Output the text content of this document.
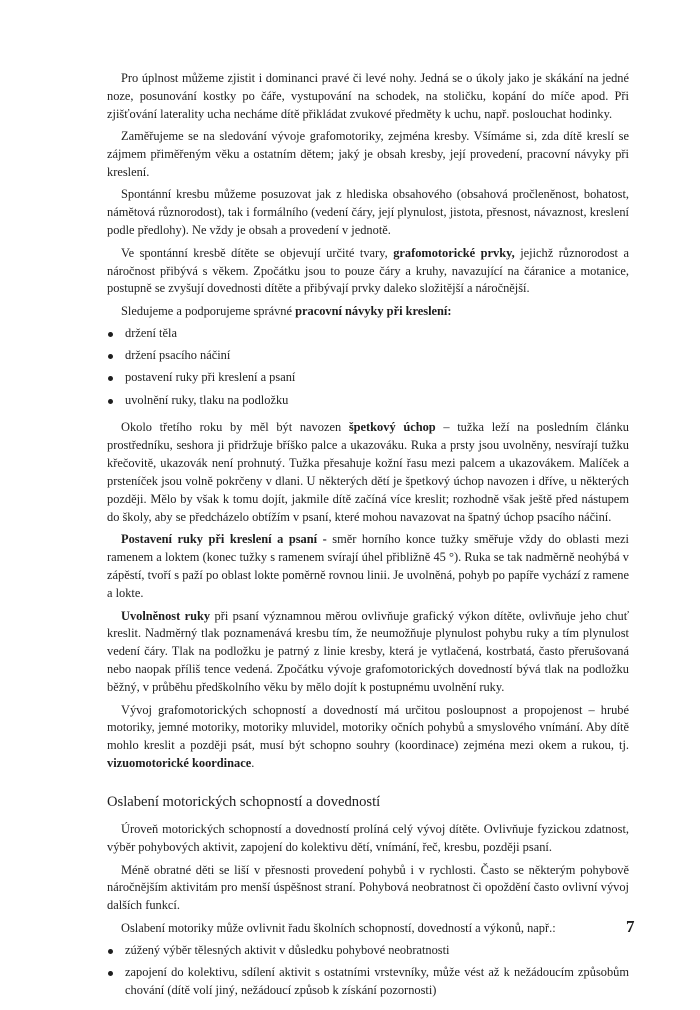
Pro úplnost můžeme zjistit i dominanci pravé či levé nohy. Jedná se o úkoly jako je skákání na jedné noze, posunování kostky po čáře, vystupování na schodek, na stoličku, kopání do míče apod. Při zjišťování laterality ucha necháme dítě přikládat zvukové předměty k uchu, např. poslouchat hodinky.

Zaměřujeme se na sledování vývoje grafomotoriky, zejména kresby. Všímáme si, zda dítě kreslí se zájmem přiměřeným věku a ostatním dětem; jaký je obsah kresby, její provedení, pracovní návyky při kreslení.

Spontánní kresbu můžeme posuzovat jak z hlediska obsahového (obsahová pročleněnost, bohatost, námětová různorodost), tak i formálního (vedení čáry, její plynulost, jistota, přesnost, návaznost, kreslení podle předlohy). Ne vždy je obsah a provedení v jednotě.

Ve spontánní kresbě dítěte se objevují určité tvary, grafomotorické prvky, jejichž různorodost a náročnost přibývá s věkem. Zpočátku jsou to pouze čáry a kruhy, navazující na čáranice a motanice, postupně se zvyšují dovednosti dítěte a přibývají prvky daleko složitější a náročnější.

Sledujeme a podporujeme správné pracovní návyky při kreslení:

držení těla
držení psacího náčiní
postavení ruky při kreslení a psaní
uvolnění ruky, tlaku na podložku

Okolo třetího roku by měl být navozen špetkový úchop – tužka leží na posledním článku prostředníku, seshora ji přidržuje bříško palce a ukazováku. Ruka a prsty jsou uvolněny, nesvírají tužku křečovitě, ukazovák není prohnutý. Tužka přesahuje kožní řasu mezi palcem a ukazovákem. Malíček a prsteníček jsou volně pokrčeny v dlani. U některých dětí je špetkový úchop navozen i dříve, u některých později. Mělo by však k tomu dojít, jakmile dítě začíná více kreslit; rozhodně však ještě před nástupem do školy, aby se předcházelo obtížím v psaní, které mohou navazovat na špatný úchop psacího náčiní.

Postavení ruky při kreslení a psaní - směr horního konce tužky směřuje vždy do oblasti mezi ramenem a loktem (konec tužky s ramenem svírají úhel přibližně 45 °). Ruka se tak nadměrně neohýbá v zápěstí, tvoří s paží po oblast lokte poměrně rovnou linii. Je uvolněná, pohyb po papíře vychází z ramene a lokte.

Uvolněnost ruky při psaní významnou měrou ovlivňuje grafický výkon dítěte, ovlivňuje jeho chuť kreslit. Nadměrný tlak poznamenává kresbu tím, že neumožňuje plynulost pohybu ruky a tím plynulost vedení čáry. Tlak na podložku je patrný z linie kresby, která je vytlačená, kostrbatá, často přerušovaná nebo naopak příliš tence vedená. Zpočátku vývoje grafomotorických dovedností bývá tlak na podložku běžný, v průběhu předškolního věku by mělo dojít k postupnému uvolnění ruky.

Vývoj grafomotorických schopností a dovedností má určitou posloupnost a propojenost – hrubé motoriky, jemné motoriky, motoriky mluvidel, motoriky očních pohybů a smyslového vnímání. Aby dítě mohlo kreslit a později psát, musí být schopno souhry (koordinace) zejména mezi okem a rukou, tj. vizuomotorické koordinace.

Oslabení motorických schopností a dovedností

Úroveň motorických schopností a dovedností prolíná celý vývoj dítěte. Ovlivňuje fyzickou zdatnost, výběr pohybových aktivit, zapojení do kolektivu dětí, vnímání, řeč, kresbu, později psaní.

Méně obratné děti se liší v přesnosti provedení pohybů i v rychlosti. Často se některým pohybově náročnějším aktivitám pro menší úspěšnost straní. Pohybová neobratnost či opoždění často ovlivní vývoj dalších funkcí.

Oslabení motoriky může ovlivnit řadu školních schopností, dovedností a výkonů, např.:

zúžený výběr tělesných aktivit v důsledku pohybové neobratnosti
zapojení do kolektivu, sdílení aktivit s ostatními vrstevníky, může vést až k nežádoucím způsobům chování (dítě volí jiný, nežádoucí způsob k získání pozornosti)
7
